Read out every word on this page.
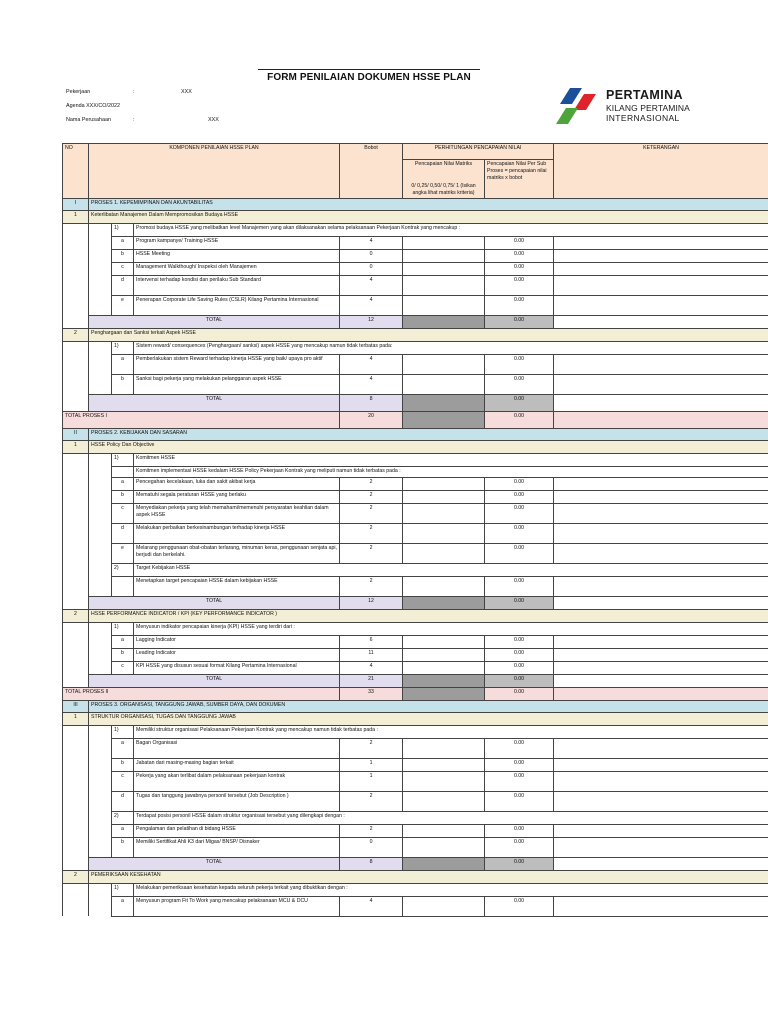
FORM PENILAIAN DOKUMEN HSSE PLAN
Pekerjaan	:	XXX
Agenda XXX/CO/2022
Nama Perusahaan	:	XXX
PERTAMINA
KILANG PERTAMINA
INTERNASIONAL
NO	KOMPONEN PENILAIAN HSSE PLAN			Bobot	PERHITUNGAN PENCAPAIAN NILAI		KETERANGAN
					Pencapaian Nilai Matriks	Pencapaian Nilai Per Sub Proses = pencapaian nilai matriks x bobot	
					0/ 0,25/ 0,50/ 0,75/ 1 (Isikan angka lihat matriks kriteria)		
I	PROSES 1. KEPEMIMPINAN DAN AKUNTABILITAS						
1	Keterlibatan Manajemen Dalam Mempromosikan Budaya HSSE						
		1)	Promosi budaya HSSE yang melibatkan level Manajemen yang akan dilaksanakan selama pelaksanaan Pekerjaan Kontrak yang mencakup :				
		a	Program kampanye/ Training HSSE	4		0.00	
		b	HSSE Meeting	0		0.00	
		c	Management Walkthough/ Inspeksi oleh Manajemen	0		0.00	
		d	Intervensi terhadap kondisi dan perilaku Sub Standard	4		0.00	
		e	Penerapan Corporate Life Saving Rules (CSLR) Kilang Pertamina Internasional	4		0.00	
	TOTAL			12		0.00	
2	Penghargaan dan Sanksi terkait Aspek HSSE						
		1)	Sistem reward/ consequences (Penghargaan/ sanksi) aspek HSSE yang mencakup namun tidak terbatas pada:				
		a	Pemberlakukan sistem Reward terhadap kinerja HSSE yang baik/ upaya pro aktif	4		0.00	
		b	Sanksi bagi pekerja yang melakukan pelanggaran aspek HSSE	4		0.00	
	TOTAL			8		0.00	
TOTAL PROSES I				20		0.00	
II	PROSES 2. KEBIJAKAN DAN SASARAN						
1	HSSE Policy Dan Objective						
		1)	Komitmen HSSE				
			Komitmen implementasi HSSE kedalam HSSE Policy Pekerjaan Kontrak yang meliputi namun tidak terbatas pada :				
		a	Pencegahan kecelakaan, luka dan sakit akibat kerja	2		0.00	
		b	Mematuhi segala peraturan HSSE yang berlaku	2		0.00	
		c	Menyediakan pekerja yang telah memahami/memenuhi persyaratan keahlian dalam aspek HSSE	2		0.00	
		d	Melakukan perbaikan berkesinambungan terhadap kinerja HSSE	2		0.00	
		e	Melarang penggunaan obat-obatan terlarang, minuman keras, penggunaan senjata api, berjudi dan berkelahi.	2		0.00	
		2)	Target Kebijakan HSSE				
			Menetapkan target pencapaian HSSE dalam kebijakan HSSE	2		0.00	
	TOTAL			12		0.00	
2	HSSE PERFORMANCE INDICATOR / KPI (KEY PERFORMANCE INDICATOR )						
		1)	Menyusun indikator pencapaian kinerja (KPI) HSSE yang terdiri dari :				
		a	Lagging Indicator	6		0.00	
		b	Leading Indicator	11		0.00	
		c	KPI HSSE yang disusun sesuai format Kilang Pertamina Internasional	4		0.00	
	TOTAL			21		0.00	
TOTAL PROSES II				33		0.00	
III	PROSES 3. ORGANISASI, TANGGUNG JAWAB, SUMBER DAYA, DAN DOKUMEN						
1	STRUKTUR ORGANISASI, TUGAS DAN TANGGUNG JAWAB						
		1)	Memiliki struktur organisasi Pelaksanaan Pekerjaan Kontrak yang mencakup namun tidak terbatas pada :				
		a	Bagan Organisasi	2		0.00	
		b	Jabatan dari masing-masing bagian terkait	1		0.00	
		c	Pekerja yang akan terlibat dalam pelaksanaan pekerjaan kontrak	1		0.00	
		d	Tugas dan tanggung jawabnya personil tersebut (Job Description )	2		0.00	
		2)	Terdapat posisi personil HSSE dalam struktur organisasi tersebut yang dilengkapi dengan :				
		a	Pengalaman dan pelatihan di bidang HSSE	2		0.00	
		b	Memiliki Sertifikat Ahli K3 dari Migas/ BNSP/ Disnaker	0		0.00	
	TOTAL			8		0.00	
2	PEMERIKSAAN KESEHATAN						
		1)	Melakukan pemeriksaan kesehatan kepada seluruh pekerja terkait yang dibuktikan dengan :				
		a	Menyusun program Fit To Work yang mencakup pelaksanaan MCU & DCU	4		0.00	
